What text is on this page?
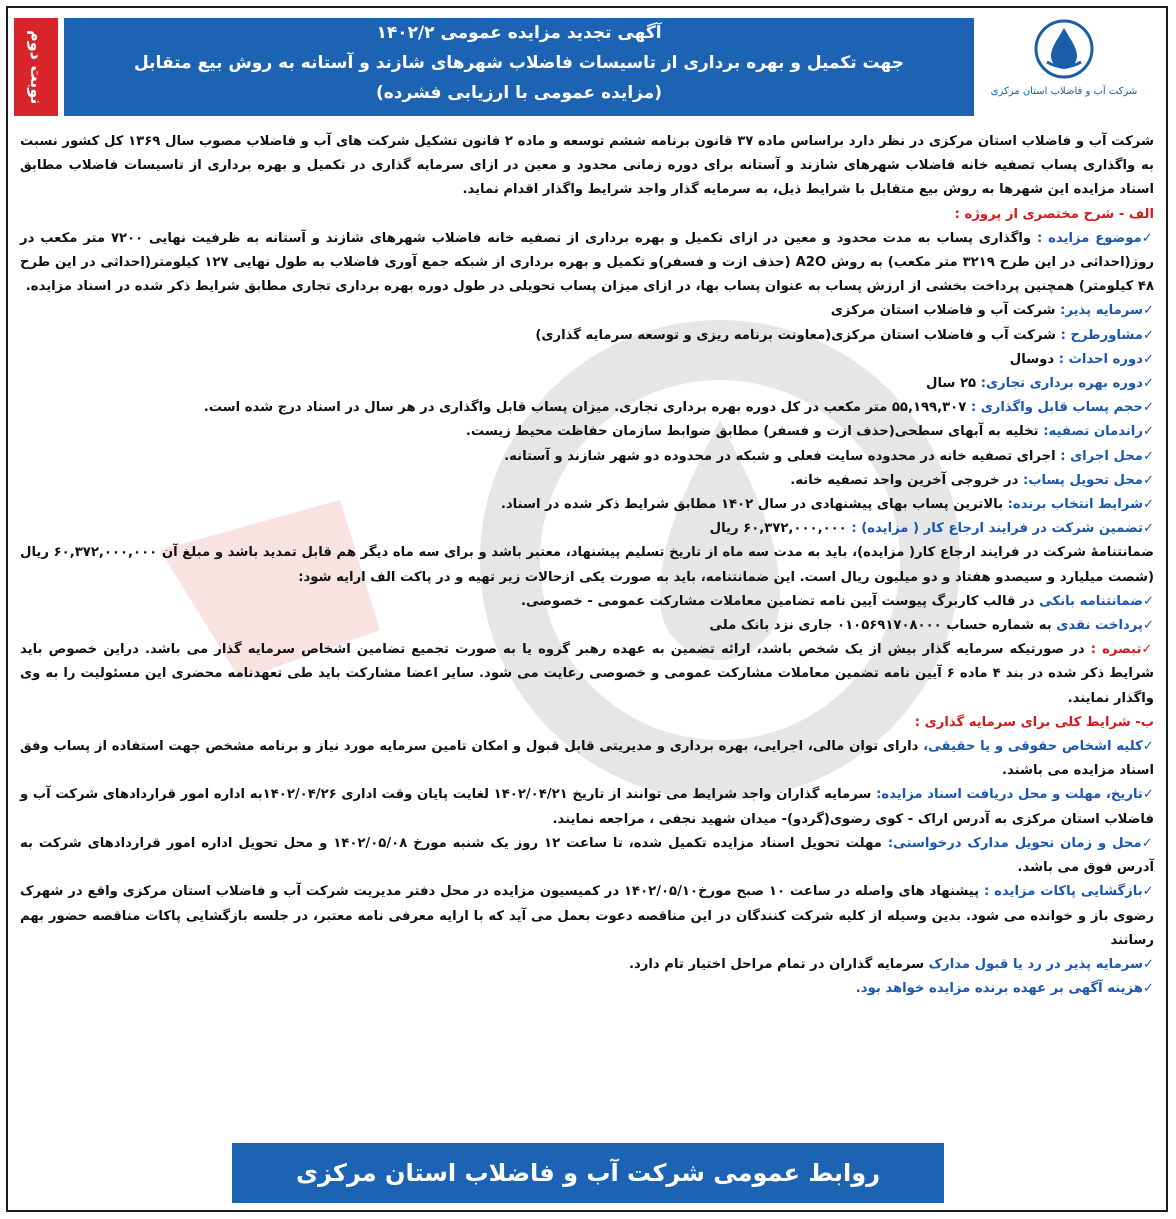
نوبت دوم	آگهی تجدید مزایده عمومی ۱۴۰۲/۲
جهت تکمیل و بهره برداری از تاسیسات فاضلاب شهرهای شازند و آستانه به روش بیع متقابل
(مزایده عمومی با ارزیابی فشرده)	شرکت آب و فاضلاب استان مرکزی

شرکت آب و فاضلاب استان مرکزی در نظر دارد براساس ماده ۳۷ قانون برنامه ششم توسعه و ماده ۲ قانون تشکیل شرکت های آب و فاضلاب مصوب سال ۱۳۶۹ کل کشور نسبت به واگذاری پساب تصفیه خانه فاضلاب شهرهای شازند و آستانه برای دوره زمانی محدود و معین در ازای سرمایه گذاری در تکمیل و بهره برداری از تاسیسات فاضلاب مطابق اسناد مزایده این شهرها به روش بیع متقابل با شرایط ذیل، به سرمایه گذار واجد شرایط واگذار اقدام نماید.

الف - شرح مختصری از پروژه :

✓موضوع مزایده : واگذاری پساب به مدت محدود و معین در ازای تکمیل و بهره برداری از تصفیه خانه فاضلاب شهرهای شازند و آستانه به ظرفیت نهایی ۷۲۰۰ متر مکعب در روز(احداثی در این طرح ۳۲۱۹ متر مکعب) به روش A2O (حذف ازت و فسفر)و تکمیل و بهره برداری از شبکه جمع آوری فاضلاب به طول نهایی ۱۲۷ کیلومتر(احداثی در این طرح ۴۸ کیلومتر) همچنین پرداخت بخشی از ارزش پساب به عنوان پساب بها، در ازای میزان پساب تحویلی در طول دوره بهره برداری تجاری مطابق شرایط ذکر شده در اسناد مزایده.

✓سرمایه پذیر: شرکت آب و فاضلاب استان مرکزی

✓مشاورطرح : شرکت آب و فاضلاب استان مرکزی(معاونت برنامه ریزی و توسعه سرمایه گذاری)

✓دوره احداث : دوسال

✓دوره بهره برداری تجاری: ۲۵ سال

✓حجم پساب قابل واگذاری : ۵۵,۱۹۹,۳۰۷ متر مکعب در کل دوره بهره برداری تجاری. میزان پساب قابل واگذاری در هر سال در اسناد درج شده است.

✓راندمان تصفیه: تخلیه به آبهای سطحی(حذف ازت و فسفر) مطابق ضوابط سازمان حفاظت محیط زیست.

✓محل اجرای : اجرای تصفیه خانه در محدوده سایت فعلی و شبکه در محدوده دو شهر شازند و آستانه.

✓محل تحویل پساب: در خروجی آخرین واحد تصفیه خانه.

✓شرایط انتخاب برنده: بالاترین پساب بهای پیشنهادی در سال ۱۴۰۲ مطابق شرایط ذکر شده در اسناد.

✓تضمین شرکت در فرایند ارجاع کار ( مزایده) : ۶۰,۳۷۲,۰۰۰,۰۰۰ ریال

ضمانتنامهٔ شرکت در فرایند ارجاع کار( مزایده)، باید به مدت سه ماه از تاریخ تسلیم پیشنهاد، معتبر باشد و برای سه ماه دیگر هم قابل تمدید باشد و مبلغ آن ۶۰,۳۷۲,۰۰۰,۰۰۰ ریال (شصت میلیارد و سیصدو هفتاد و دو میلیون ریال است. این ضمانتنامه، باید به صورت یکی ازحالات زیر تهیه و در پاکت الف ارایه شود:

✓ضمانتنامه بانکی در قالب کاربرگ پیوست آیین نامه تضامین معاملات مشارکت عمومی - خصوصی.

✓پرداخت نقدی به شماره حساب ۰۱۰۵۶۹۱۷۰۸۰۰۰ جاری نزد بانک ملی

✓تبصره : در صورتیکه سرمایه گذار بیش از یک شخص باشد، ارائه تضمین به عهده رهبر گروه یا به صورت تجمیع تضامین اشخاص سرمایه گذار می باشد. دراین خصوص باید شرایط ذکر شده در بند ۴ ماده ۶ آیین نامه تضمین معاملات مشارکت عمومی و خصوصی رعایت می شود. سایر اعضا مشارکت باید طی تعهدنامه محضری این مسئولیت را به وی واگذار نمایند.

ب- شرایط کلی برای سرمایه گذاری :

✓کلیه اشخاص حقوقی و یا حقیقی، دارای توان مالی، اجرایی، بهره برداری و مدیریتی قابل قبول و امکان تامین سرمایه مورد نیاز و برنامه مشخص جهت استفاده از پساب وفق اسناد مزایده می باشند.

✓تاریخ، مهلت و محل دریافت اسناد مزایده: سرمایه گذاران واجد شرایط می توانند از تاریخ ۱۴۰۲/۰۴/۲۱ لغایت پایان وقت اداری ۱۴۰۲/۰۴/۲۶به اداره امور قراردادهای شرکت آب و فاضلاب استان مرکزی به آدرس اراک - کوی رضوی(گردو)- میدان شهید نجفی ، مراجعه نمایند.

✓محل و زمان تحویل مدارک درخواستی: مهلت تحویل اسناد مزایده تکمیل شده، تا ساعت ۱۲ روز یک شنبه مورخ ۱۴۰۲/۰۵/۰۸ و محل تحویل اداره امور قراردادهای شرکت به آدرس فوق می باشد.

✓بازگشایی پاکات مزایده : پیشنهاد های واصله در ساعت ۱۰ صبح مورخ۱۴۰۲/۰۵/۱۰ در کمیسیون مزایده در محل دفتر مدیریت شرکت آب و فاضلاب استان مرکزی واقع در شهرک رضوی باز و خوانده می شود. بدین وسیله از کلیه شرکت کنندگان در این مناقصه دعوت بعمل می آید که با ارایه معرفی نامه معتبر، در جلسه بازگشایی پاکات مناقصه حضور بهم رسانند

✓سرمایه پذیر در رد یا قبول مدارک سرمایه گذاران در تمام مراحل اختیار تام دارد.

✓هزینه آگهی بر عهده برنده مزایده خواهد بود.

روابط عمومی شرکت آب و فاضلاب استان مرکزی
